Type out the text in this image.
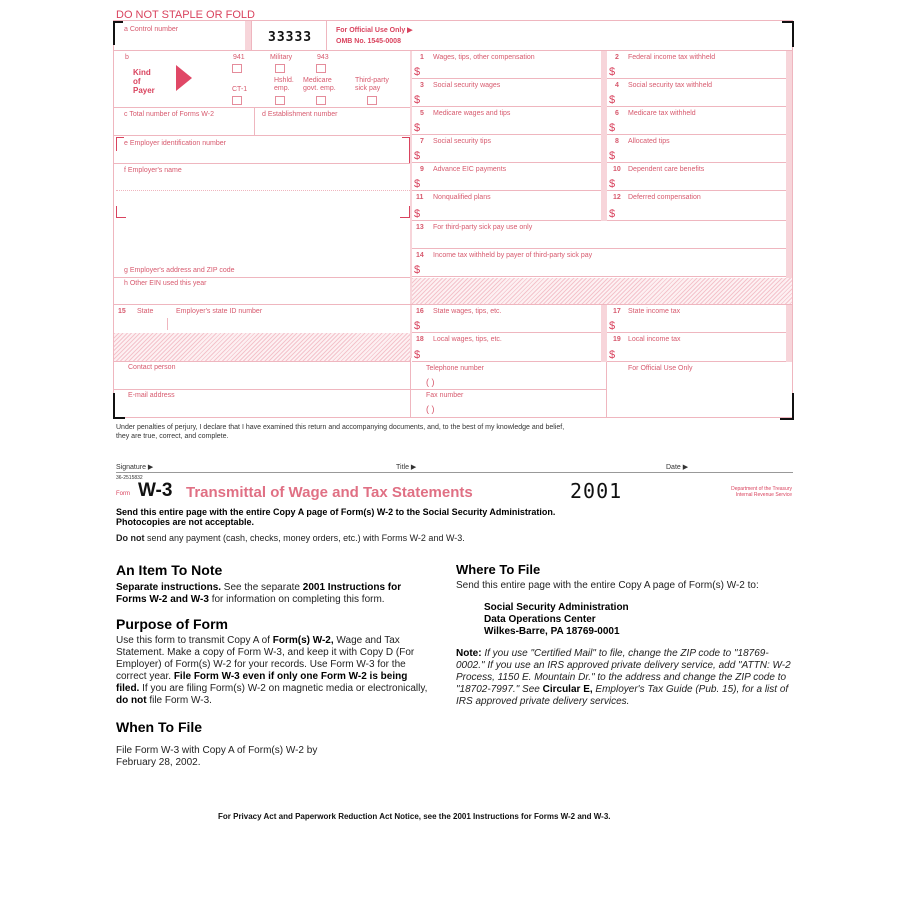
DO NOT STAPLE OR FOLD
a Control number
33333	For Official Use Only ▶
OMB No. 1545-0008
b
Kind
of
Payer
941	Military	943
CT-1
Hshld. emp.
Medicare govt. emp.
Third-party sick pay
c Total number of Forms W-2	d Establishment number
e Employer identification number
f Employer's name
g Employer's address and ZIP code
h Other EIN used this year
15 State	Employer's state ID number
Contact person
E-mail address
1 Wages, tips, other compensation
$
2 Federal income tax withheld
$
3 Social security wages
$
4 Social security tax withheld
$
5 Medicare wages and tips
$
6 Medicare tax withheld
$
7 Social security tips
$
8 Allocated tips
$
9 Advance EIC payments
$
10 Dependent care benefits
$
11 Nonqualified plans
$
12 Deferred compensation
$
13 For third-party sick pay use only
14 Income tax withheld by payer of third-party sick pay
$
16 State wages, tips, etc.
$
17 State income tax
$
18 Local wages, tips, etc.
$
19 Local income tax
$
Telephone number
( )
Fax number
( )
For Official Use Only
Under penalties of perjury, I declare that I have examined this return and accompanying documents, and, to the best of my knowledge and belief,
they are true, correct, and complete.
Signature ▶	Title ▶	Date ▶
36-2515832
Form W-3 Transmittal of Wage and Tax Statements	2001	Department of the Treasury
Internal Revenue Service
Send this entire page with the entire Copy A page of Form(s) W-2 to the Social Security Administration.
Photocopies are not acceptable.
Do not send any payment (cash, checks, money orders, etc.) with Forms W-2 and W-3.
An Item To Note

Separate instructions. See the separate 2001 Instructions for Forms W-2 and W-3 for information on completing this form.

Purpose of Form

Use this form to transmit Copy A of Form(s) W-2, Wage and Tax Statement. Make a copy of Form W-3, and keep it with Copy D (For Employer) of Form(s) W-2 for your records. Use Form W-3 for the correct year. File Form W-3 even if only one Form W-2 is being filed. If you are filing Form(s) W-2 on magnetic media or electronically, do not file Form W-3.

When To File

File Form W-3 with Copy A of Form(s) W-2 by February 28, 2002.

Where To File

Send this entire page with the entire Copy A page of Form(s) W-2 to:

Social Security Administration
Data Operations Center
Wilkes-Barre, PA 18769-0001

Note: If you use "Certified Mail" to file, change the ZIP code to "18769-0002." If you use an IRS approved private delivery service, add "ATTN: W-2 Process, 1150 E. Mountain Dr." to the address and change the ZIP code to "18702-7997." See Circular E, Employer's Tax Guide (Pub. 15), for a list of IRS approved private delivery services.

For Privacy Act and Paperwork Reduction Act Notice, see the 2001 Instructions for Forms W-2 and W-3.
